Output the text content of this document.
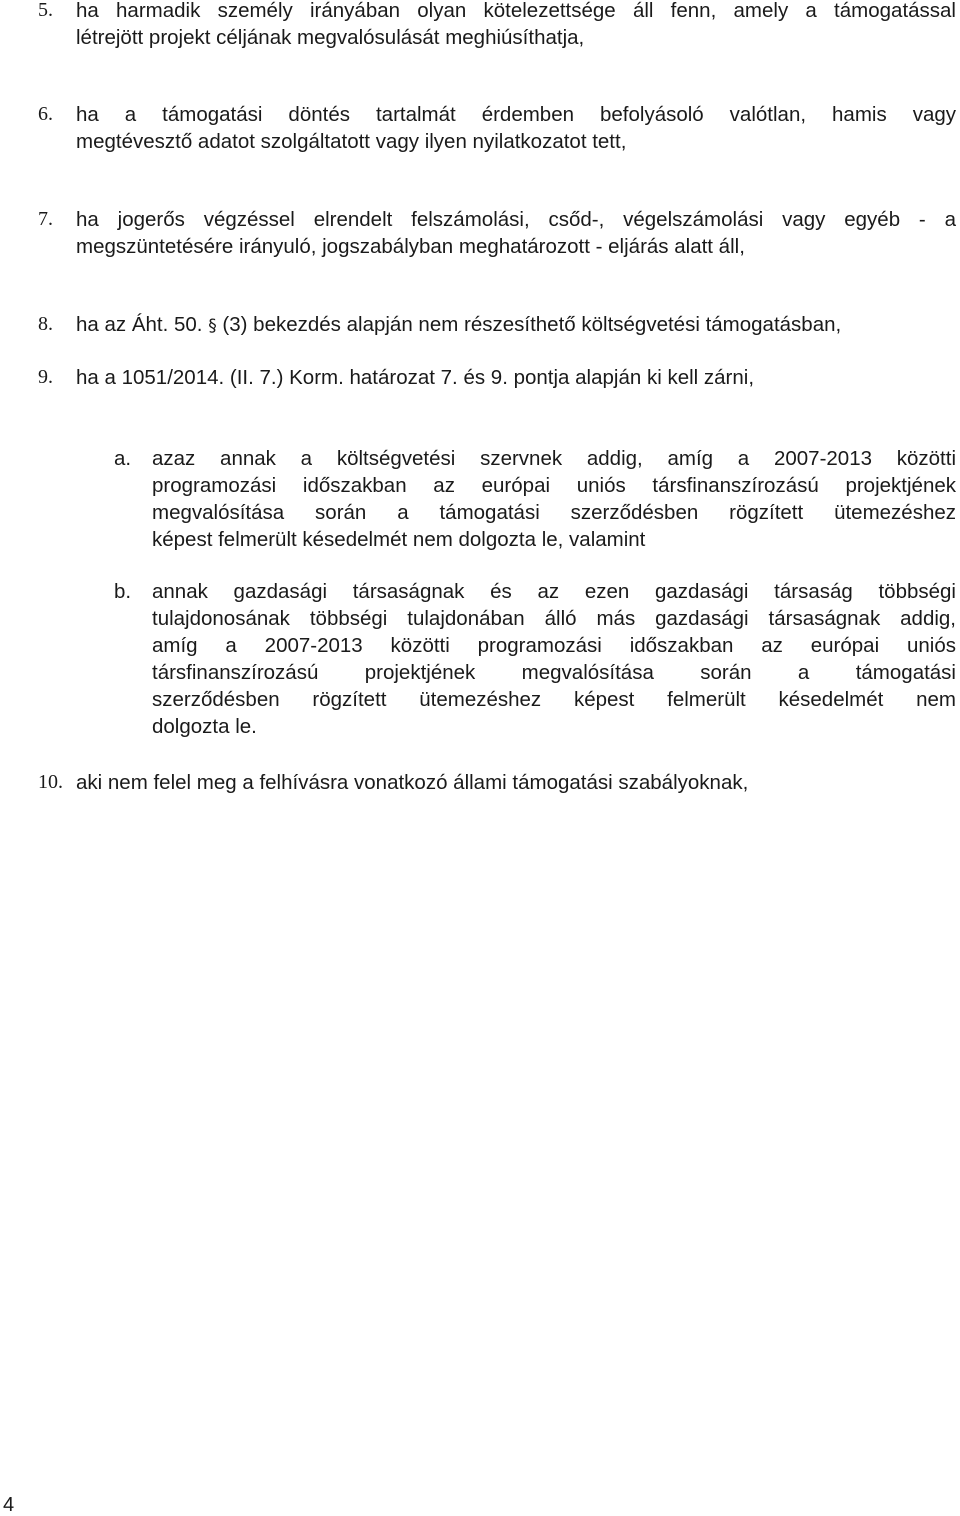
5. ha harmadik személy irányában olyan kötelezettsége áll fenn, amely a támogatással
létrejött projekt céljának megvalósulását meghiúsíthatja,
6. ha a támogatási döntés tartalmát érdemben befolyásoló valótlan, hamis vagy
megtévesztő adatot szolgáltatott vagy ilyen nyilatkozatot tett,
7. ha jogerős végzéssel elrendelt felszámolási, csőd-, végelszámolási vagy egyéb - a
megszüntetésére irányuló, jogszabályban meghatározott - eljárás alatt áll,
8. ha az Áht. 50. § (3) bekezdés alapján nem részesíthető költségvetési támogatásban,
9. ha a 1051/2014. (II. 7.) Korm. határozat 7. és 9. pontja alapján ki kell zárni,
a. azaz annak a költségvetési szervnek addig, amíg a 2007-2013 közötti
programozási időszakban az európai uniós társfinanszírozású projektjének
megvalósítása során a támogatási szerződésben rögzített ütemezéshez
képest felmerült késedelmét nem dolgozta le, valamint
b. annak gazdasági társaságnak és az ezen gazdasági társaság többségi
tulajdonosának többségi tulajdonában álló más gazdasági társaságnak addig,
amíg a 2007-2013 közötti programozási időszakban az európai uniós
társfinanszírozású projektjének megvalósítása során a támogatási
szerződésben rögzített ütemezéshez képest felmerült késedelmét nem
dolgozta le.
10. aki nem felel meg a felhívásra vonatkozó állami támogatási szabályoknak,
4
